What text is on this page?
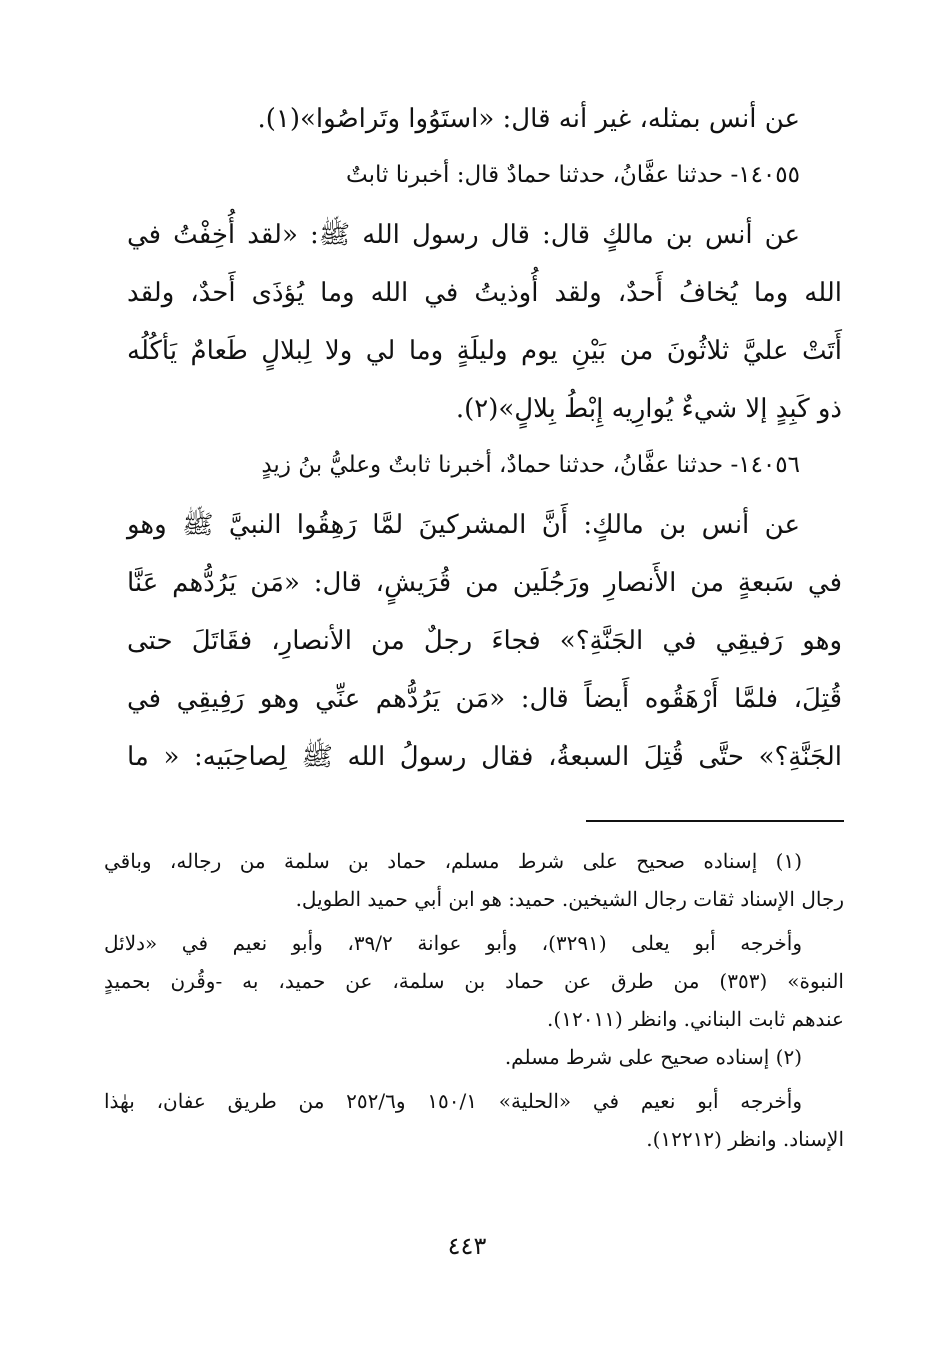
عن أنس بمثله، غير أنه قال: «استَوُوا وتَراصُوا»(١).
١٤٠٥٥- حدثنا عفَّانُ، حدثنا حمادٌ قال: أخبرنا ثابتٌ
عن أنس بن مالكٍ قال: قال رسول الله ﷺ: «لقد أُخِفْتُ في
الله وما يُخافُ أَحدٌ، ولقد أُوذيتُ في الله وما يُؤذَى أَحدٌ، ولقد
أَتَتْ عليَّ ثلاثُونَ من بَيْنِ يوم وليلَةٍ وما لي ولا لِبلالٍ طَعامٌ يَأكُلُه
ذو كَبِدٍ إلا شيءٌ يُوارِيه إِبْطُ بِلالٍ»(٢).
١٤٠٥٦- حدثنا عفَّانُ، حدثنا حمادٌ، أخبرنا ثابتٌ وعليُّ بنُ زيدٍ
عن أنس بن مالكٍ: أَنَّ المشركينَ لمَّا رَهِقُوا النبيَّ ﷺ وهو
في سَبعةٍ من الأَنصارِ ورَجُلَين من قُرَيشٍ، قال: «مَن يَرُدُّهم عَنَّا
وهو رَفيقِي في الجَنَّةِ؟» فجاءَ رجلٌ من الأنصارِ، فقَاتَلَ حتى
قُتِلَ، فلمَّا أَرْهَقُوه أَيضاً قال: «مَن يَرُدُّهم عنِّي وهو رَفِيقِي في
الجَنَّةِ؟» حتَّى قُتِلَ السبعةُ، فقال رسولُ الله ﷺ لِصاحِبَيه: « ما
(١) إسناده صحيح على شرط مسلم، حماد بن سلمة من رجاله، وباقي
رجال الإسناد ثقات رجال الشيخين. حميد: هو ابن أبي حميد الطويل.
وأخرجه أبو يعلى (٣٢٩١)، وأبو عوانة ٣٩/٢، وأبو نعيم في «دلائل
النبوة» (٣٥٣) من طرق عن حماد بن سلمة، عن حميد، به -وقُرن بحميدٍ
عندهم ثابت البناني. وانظر (١٢٠١١).
(٢) إسناده صحيح على شرط مسلم.
وأخرجه أبو نعيم في «الحلية» ١٥٠/١ و٢٥٢/٦ من طريق عفان، بهٰذا
الإسناد. وانظر (١٢٢١٢).
٤٤٣
